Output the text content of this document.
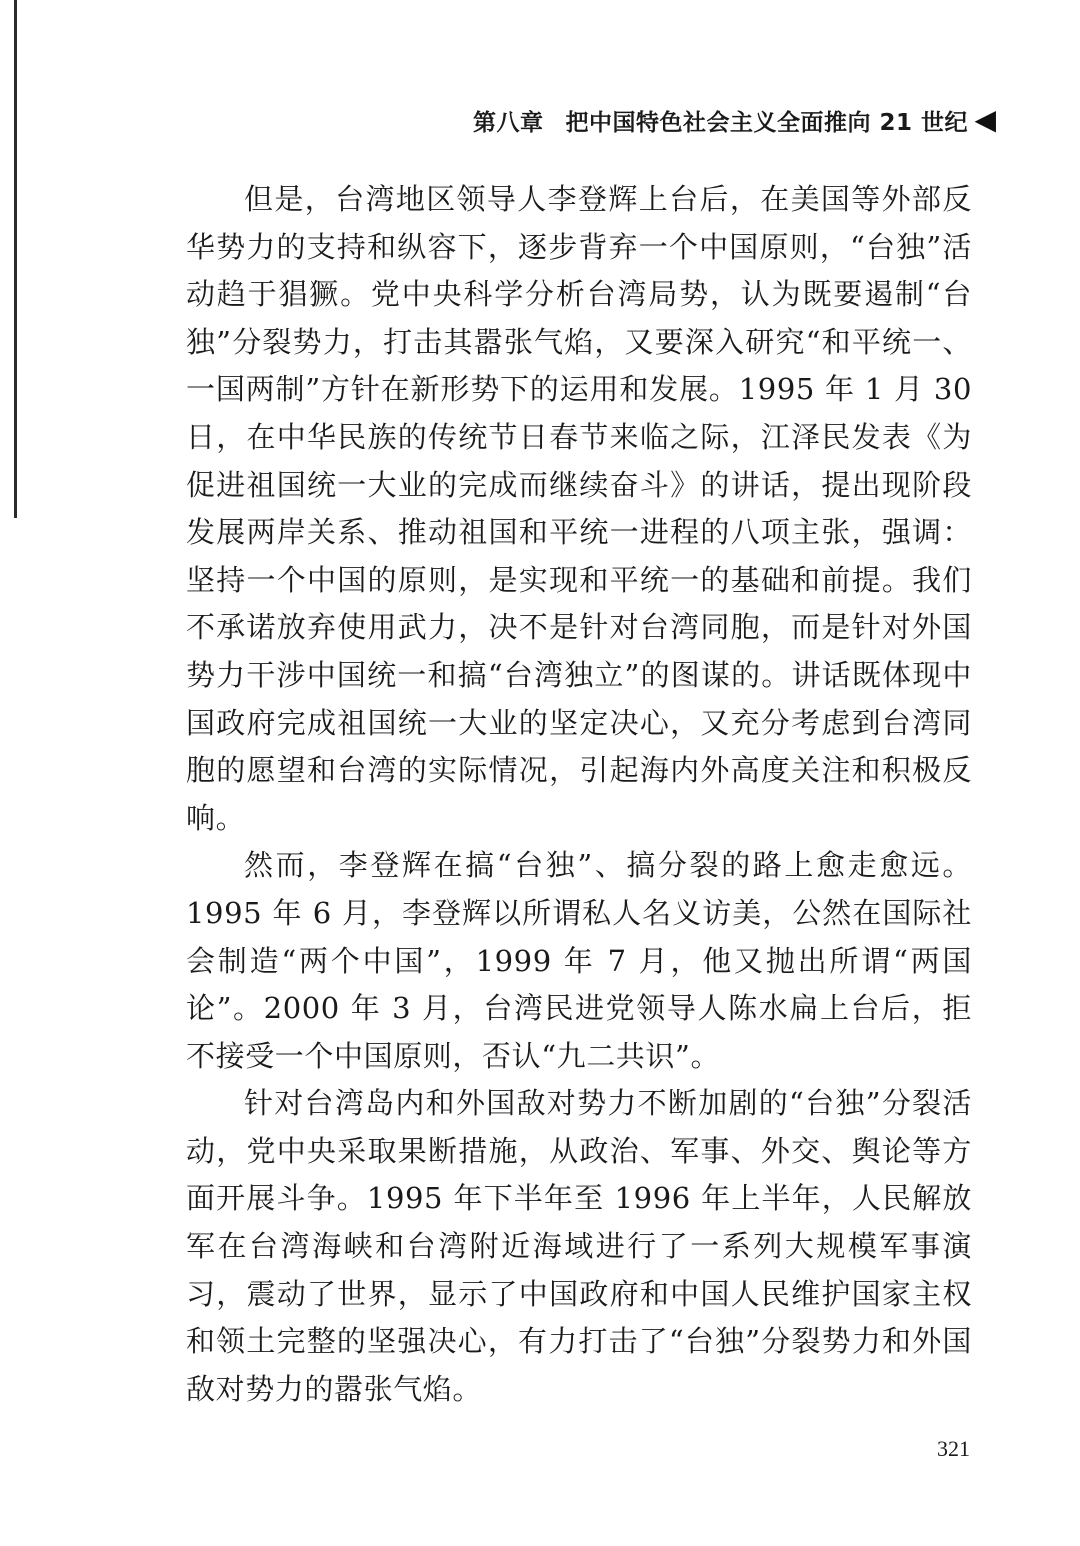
第八章 把中国特色社会主义全面推向 21 世纪 ◀

但是，台湾地区领导人李登辉上台后，在美国等外部反华势力的支持和纵容下，逐步背弃一个中国原则，“台独”活动趋于猖獗。党中央科学分析台湾局势，认为既要遏制“台独”分裂势力，打击其嚣张气焰，又要深入研究“和平统一、一国两制”方针在新形势下的运用和发展。1995 年 1 月 30 日，在中华民族的传统节日春节来临之际，江泽民发表《为促进祖国统一大业的完成而继续奋斗》的讲话，提出现阶段发展两岸关系、推动祖国和平统一进程的八项主张，强调：坚持一个中国的原则，是实现和平统一的基础和前提。我们不承诺放弃使用武力，决不是针对台湾同胞，而是针对外国势力干涉中国统一和搞“台湾独立”的图谋的。讲话既体现中国政府完成祖国统一大业的坚定决心，又充分考虑到台湾同胞的愿望和台湾的实际情况，引起海内外高度关注和积极反响。

然而，李登辉在搞“台独”、搞分裂的路上愈走愈远。1995 年 6 月，李登辉以所谓私人名义访美，公然在国际社会制造“两个中国”，1999 年 7 月，他又抛出所谓“两国论”。2000 年 3 月，台湾民进党领导人陈水扁上台后，拒不接受一个中国原则，否认“九二共识”。

针对台湾岛内和外国敌对势力不断加剧的“台独”分裂活动，党中央采取果断措施，从政治、军事、外交、舆论等方面开展斗争。1995 年下半年至 1996 年上半年，人民解放军在台湾海峡和台湾附近海域进行了一系列大规模军事演习，震动了世界，显示了中国政府和中国人民维护国家主权和领土完整的坚强决心，有力打击了“台独”分裂势力和外国敌对势力的嚣张气焰。

321
